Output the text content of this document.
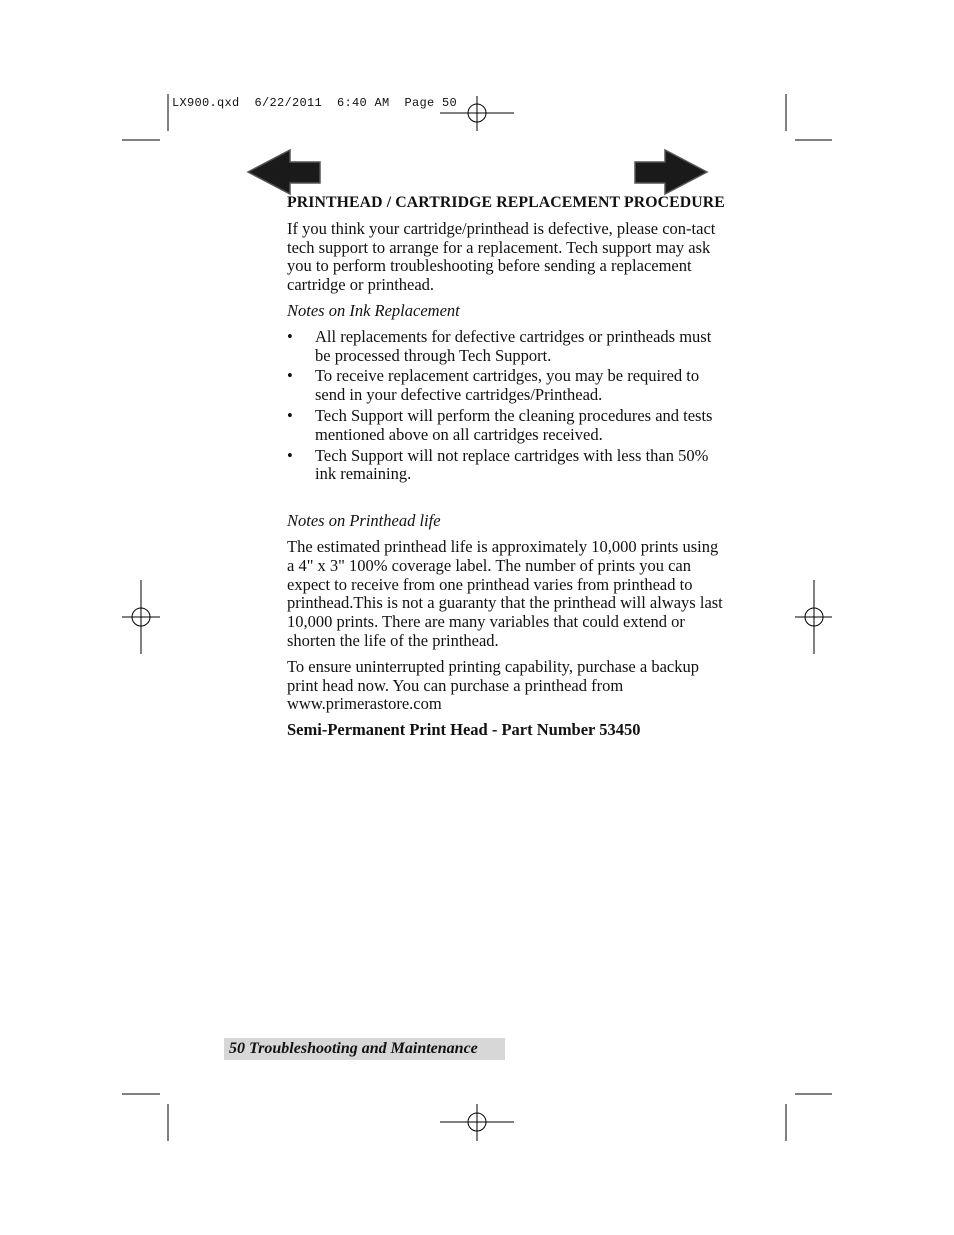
LX900.qxd  6/22/2011  6:40 AM  Page 50
PRINTHEAD / CARTRIDGE REPLACEMENT PROCEDURE

If you think your cartridge/printhead is defective, please con-tact tech support to arrange for a replacement. Tech support may ask you to perform troubleshooting before sending a replacement cartridge or printhead.

Notes on Ink Replacement

• All replacements for defective cartridges or printheads must be processed through Tech Support.
• To receive replacement cartridges, you may be required to send in your defective cartridges/Printhead.
• Tech Support will perform the cleaning procedures and tests mentioned above on all cartridges received.
• Tech Support will not replace cartridges with less than 50% ink remaining.

Notes on Printhead life

The estimated printhead life is approximately 10,000 prints using a 4" x 3" 100% coverage label. The number of prints you can expect to receive from one printhead varies from printhead to printhead.This is not a guaranty that the printhead will always last 10,000 prints. There are many variables that could extend or shorten the life of the printhead.

To ensure uninterrupted printing capability, purchase a backup print head now. You can purchase a printhead from www.primerastore.com

Semi-Permanent Print Head - Part Number 53450

50 Troubleshooting and Maintenance
